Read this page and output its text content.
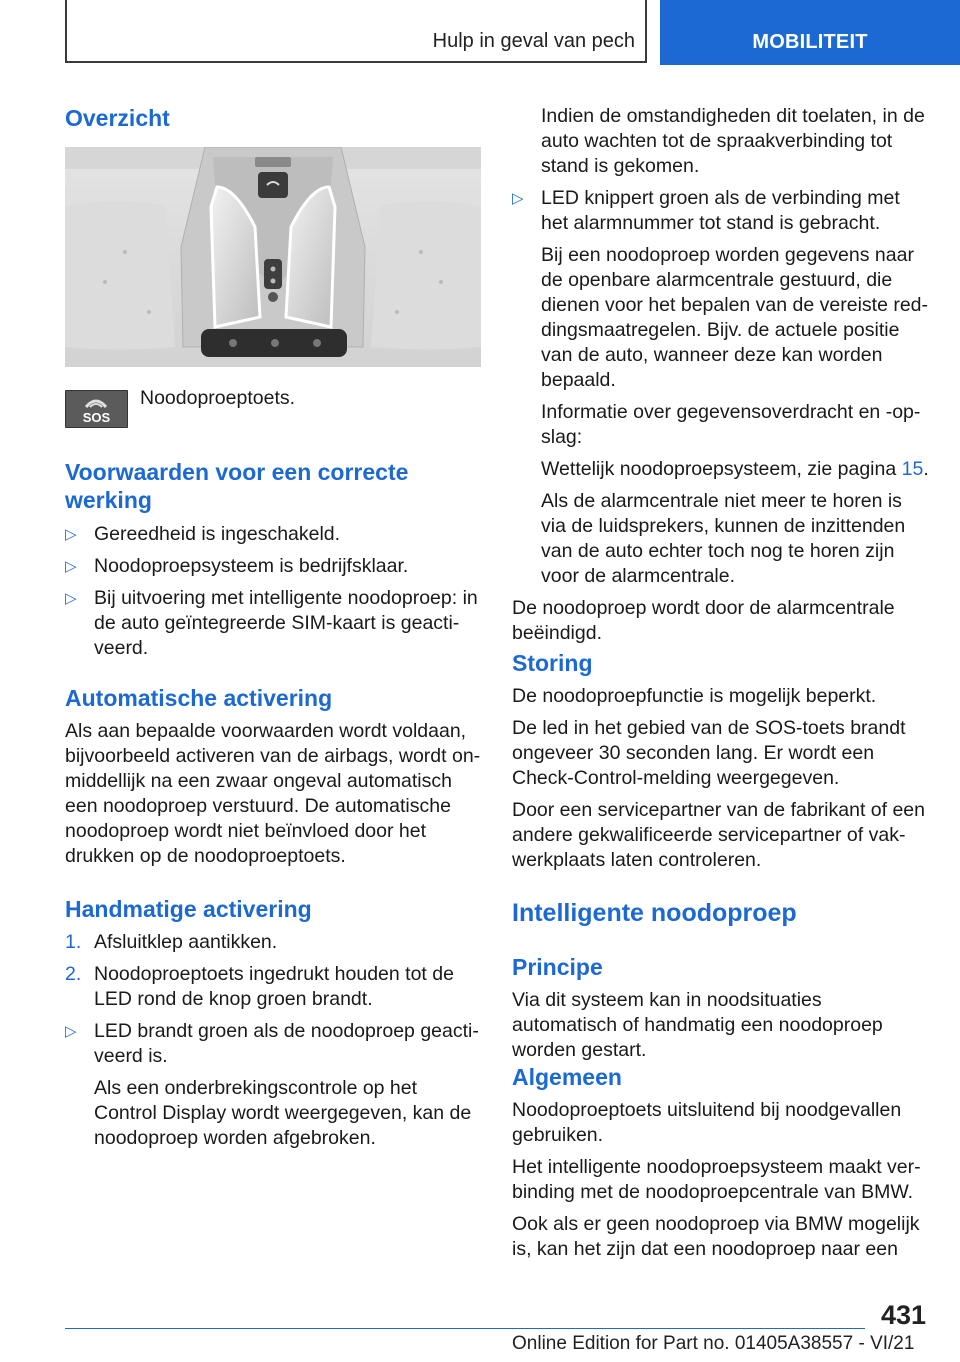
Hulp in geval van pech	MOBILITEIT
Overzicht
SOS

Noodoproeptoets.

Voorwaarden voor een correcte werking
▷ Gereedheid is ingeschakeld.
▷ Noodoproepsysteem is bedrijfsklaar.
▷ Bij uitvoering met intelligente noodoproep: in de auto geïntegreerde SIM-kaart is geactiveerd.
Automatische activering

Als aan bepaalde voorwaarden wordt voldaan, bijvoorbeeld activeren van de airbags, wordt onmiddellijk na een zwaar ongeval automatisch een noodoproep verstuurd. De automatische noodoproep wordt niet beïnvloed door het drukken op de noodoproeptoets.

Handmatige activering
1. Afsluitklep aantikken.
2. Noodoproeptoets ingedrukt houden tot de LED rond de knop groen brandt.
▷ LED brandt groen als de noodoproep geactiveerd is.

Als een onderbrekingscontrole op het Control Display wordt weergegeven, kan de noodoproep worden afgebroken.

Indien de omstandigheden dit toelaten, in de auto wachten tot de spraakverbinding tot stand is gekomen.

▷ LED knippert groen als de verbinding met het alarmnummer tot stand is gebracht.

Bij een noodoproep worden gegevens naar de openbare alarmcentrale gestuurd, die dienen voor het bepalen van de vereiste reddingsmaatregelen. Bijv. de actuele positie van de auto, wanneer deze kan worden bepaald.

Informatie over gegevensoverdracht en -opslag:

Wettelijk noodoproepsysteem, zie pagina 15.

Als de alarmcentrale niet meer te horen is via de luidsprekers, kunnen de inzittenden van de auto echter toch nog te horen zijn voor de alarmcentrale.

De noodoproep wordt door de alarmcentrale beëindigd.

Storing

De noodoproepfunctie is mogelijk beperkt.

De led in het gebied van de SOS-toets brandt ongeveer 30 seconden lang. Er wordt een Check-Control-melding weergegeven.

Door een servicepartner van de fabrikant of een andere gekwalificeerde servicepartner of vakwerkplaats laten controleren.

Intelligente noodoproep
Principe

Via dit systeem kan in noodsituaties automatisch of handmatig een noodoproep worden gestart.

Algemeen

Noodoproeptoets uitsluitend bij noodgevallen gebruiken.

Het intelligente noodoproepsysteem maakt verbinding met de noodoproepcentrale van BMW.

Ook als er geen noodoproep via BMW mogelijk is, kan het zijn dat een noodoproep naar een

431
Online Edition for Part no. 01405A38557 - VI/21
